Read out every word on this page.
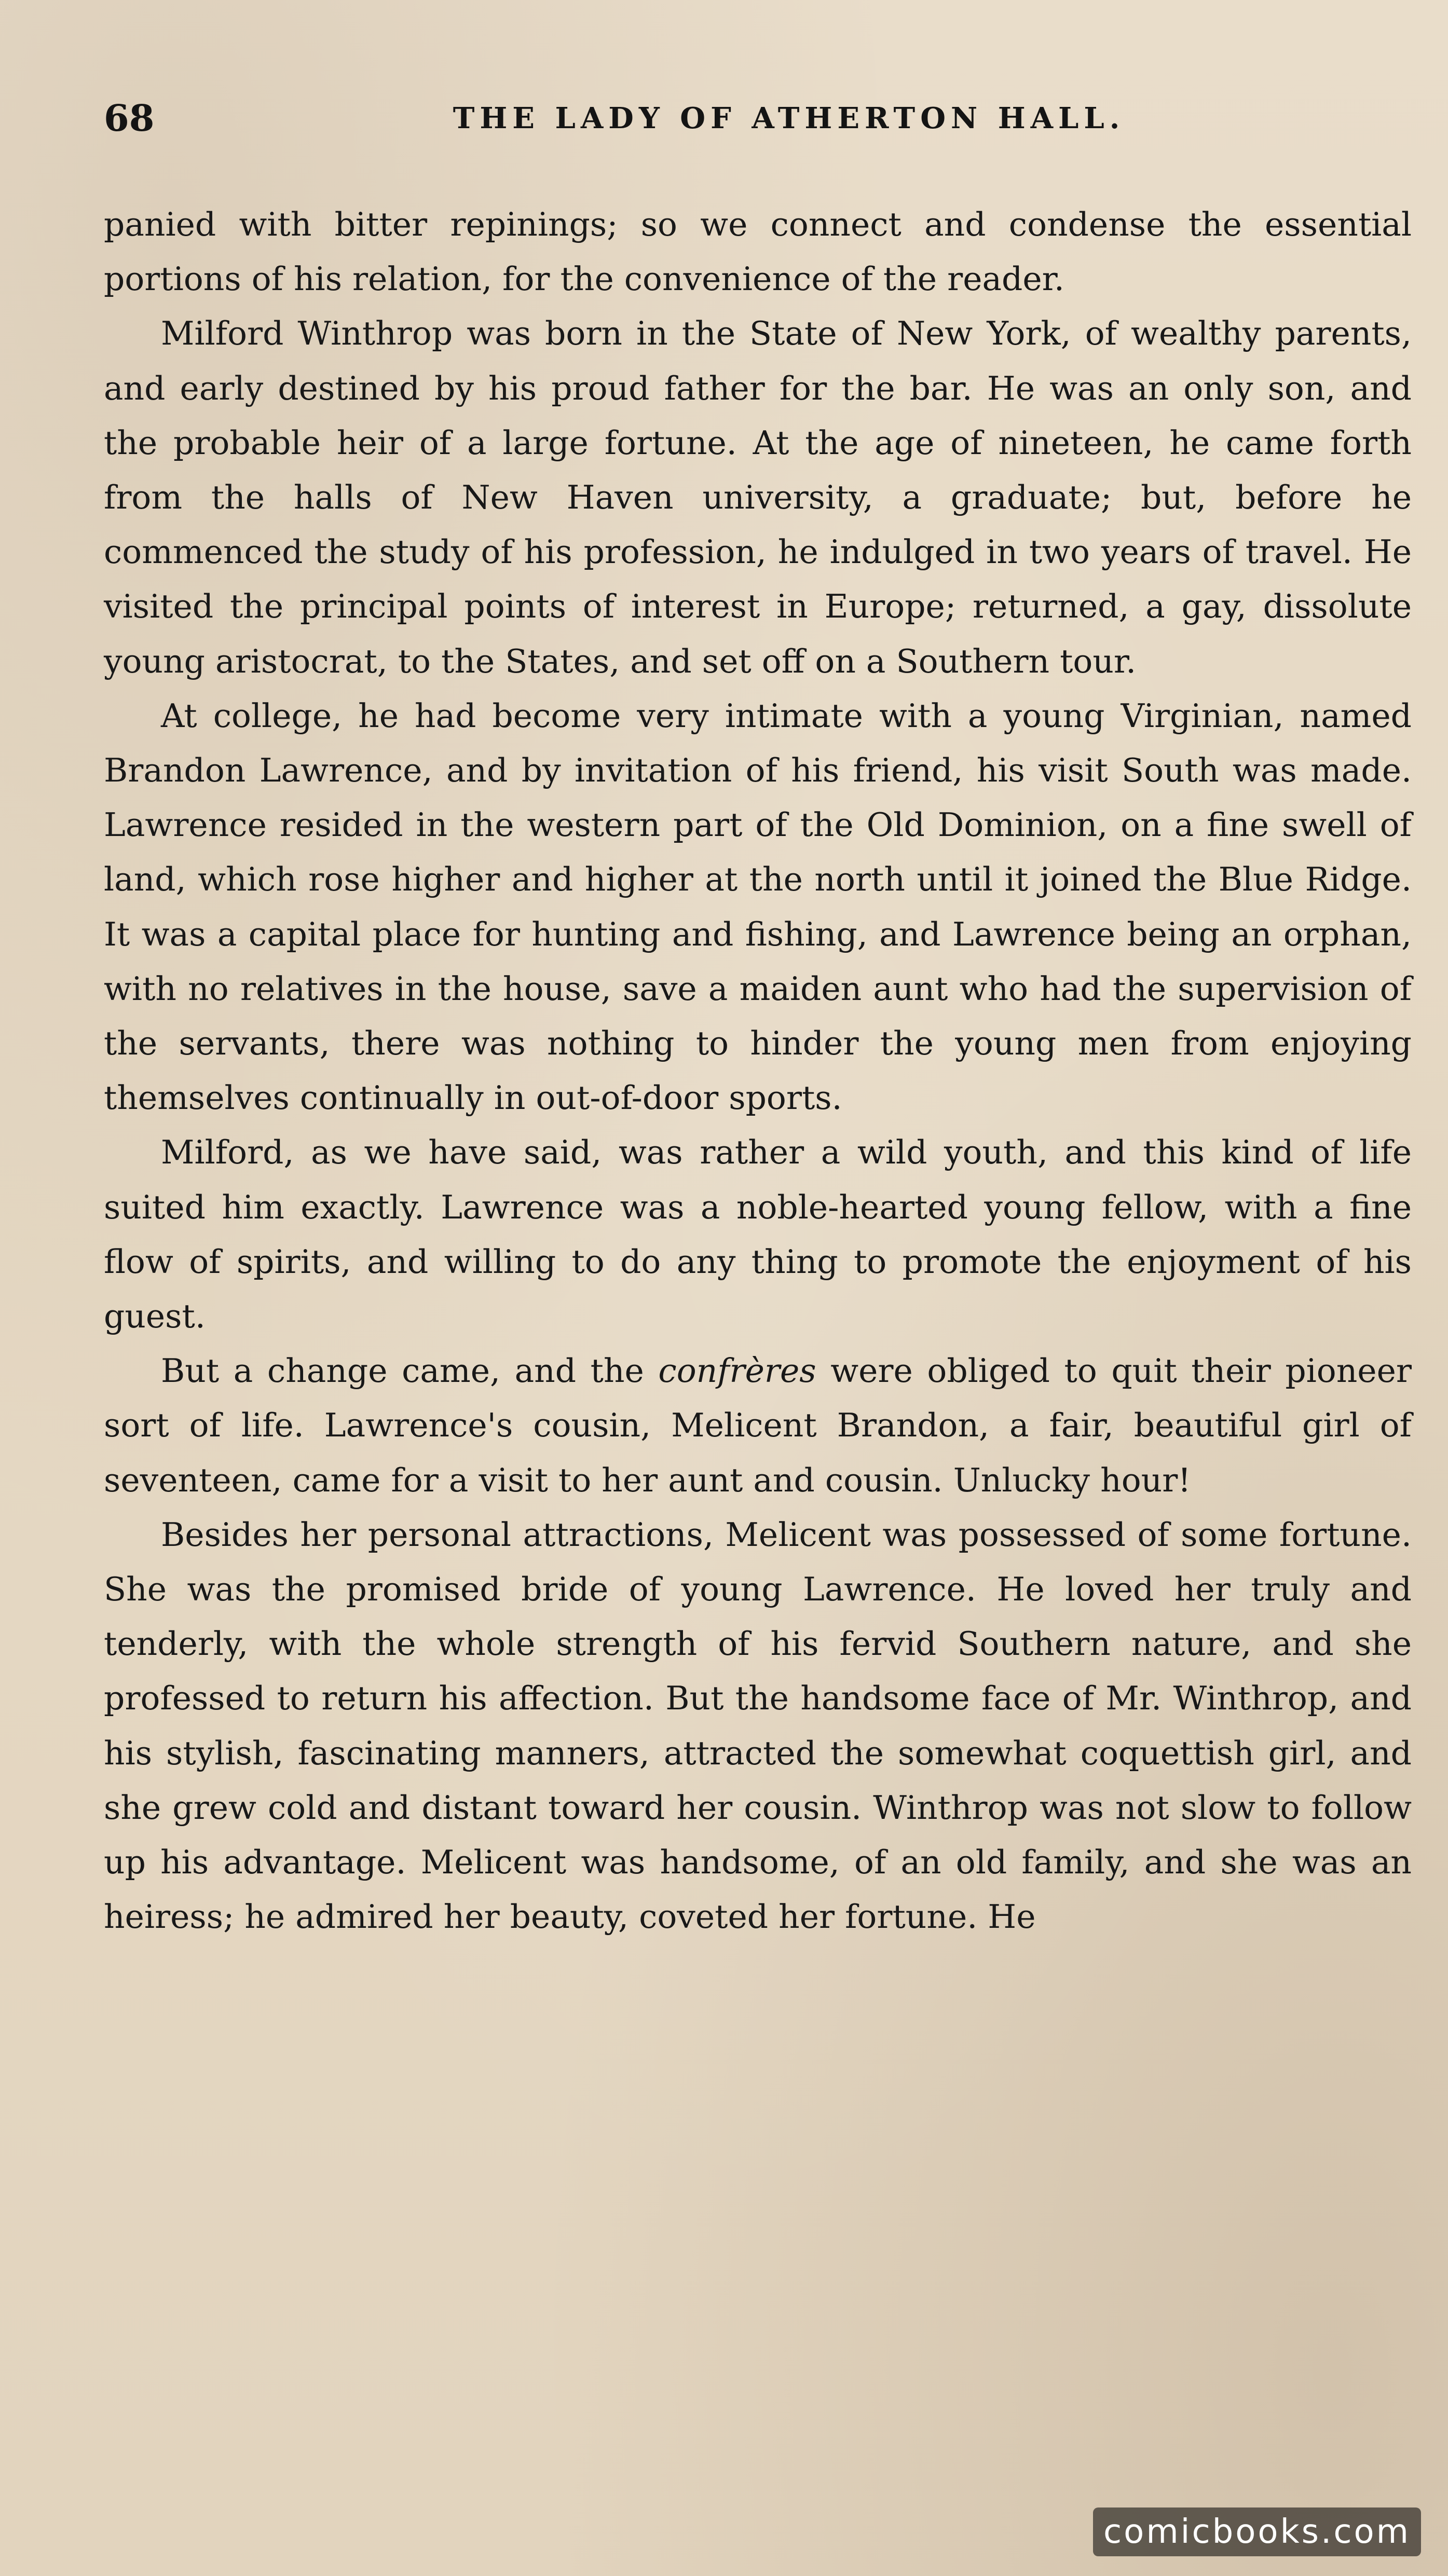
68	THE LADY OF ATHERTON HALL.

panied with bitter repinings; so we connect and condense the essential portions of his relation, for the convenience of the reader.

Milford Winthrop was born in the State of New York, of wealthy parents, and early destined by his proud father for the bar. He was an only son, and the probable heir of a large fortune. At the age of nineteen, he came forth from the halls of New Haven university, a graduate; but, before he commenced the study of his profession, he indulged in two years of travel. He visited the principal points of interest in Europe; returned, a gay, dissolute young aristocrat, to the States, and set off on a Southern tour.

At college, he had become very intimate with a young Virginian, named Brandon Lawrence, and by invitation of his friend, his visit South was made. Lawrence resided in the western part of the Old Dominion, on a fine swell of land, which rose higher and higher at the north until it joined the Blue Ridge. It was a capital place for hunting and fishing, and Lawrence being an orphan, with no relatives in the house, save a maiden aunt who had the supervision of the servants, there was nothing to hinder the young men from enjoying themselves continually in out-of-door sports.

Milford, as we have said, was rather a wild youth, and this kind of life suited him exactly. Lawrence was a noble-hearted young fellow, with a fine flow of spirits, and willing to do any thing to promote the enjoyment of his guest.

But a change came, and the confrères were obliged to quit their pioneer sort of life. Lawrence's cousin, Melicent Brandon, a fair, beautiful girl of seventeen, came for a visit to her aunt and cousin. Unlucky hour!

Besides her personal attractions, Melicent was possessed of some fortune. She was the promised bride of young Lawrence. He loved her truly and tenderly, with the whole strength of his fervid Southern nature, and she professed to return his affection. But the handsome face of Mr. Winthrop, and his stylish, fascinating manners, attracted the somewhat coquettish girl, and she grew cold and distant toward her cousin. Winthrop was not slow to follow up his advantage. Melicent was handsome, of an old family, and she was an heiress; he admired her beauty, coveted her fortune. He

comicbooks.com
